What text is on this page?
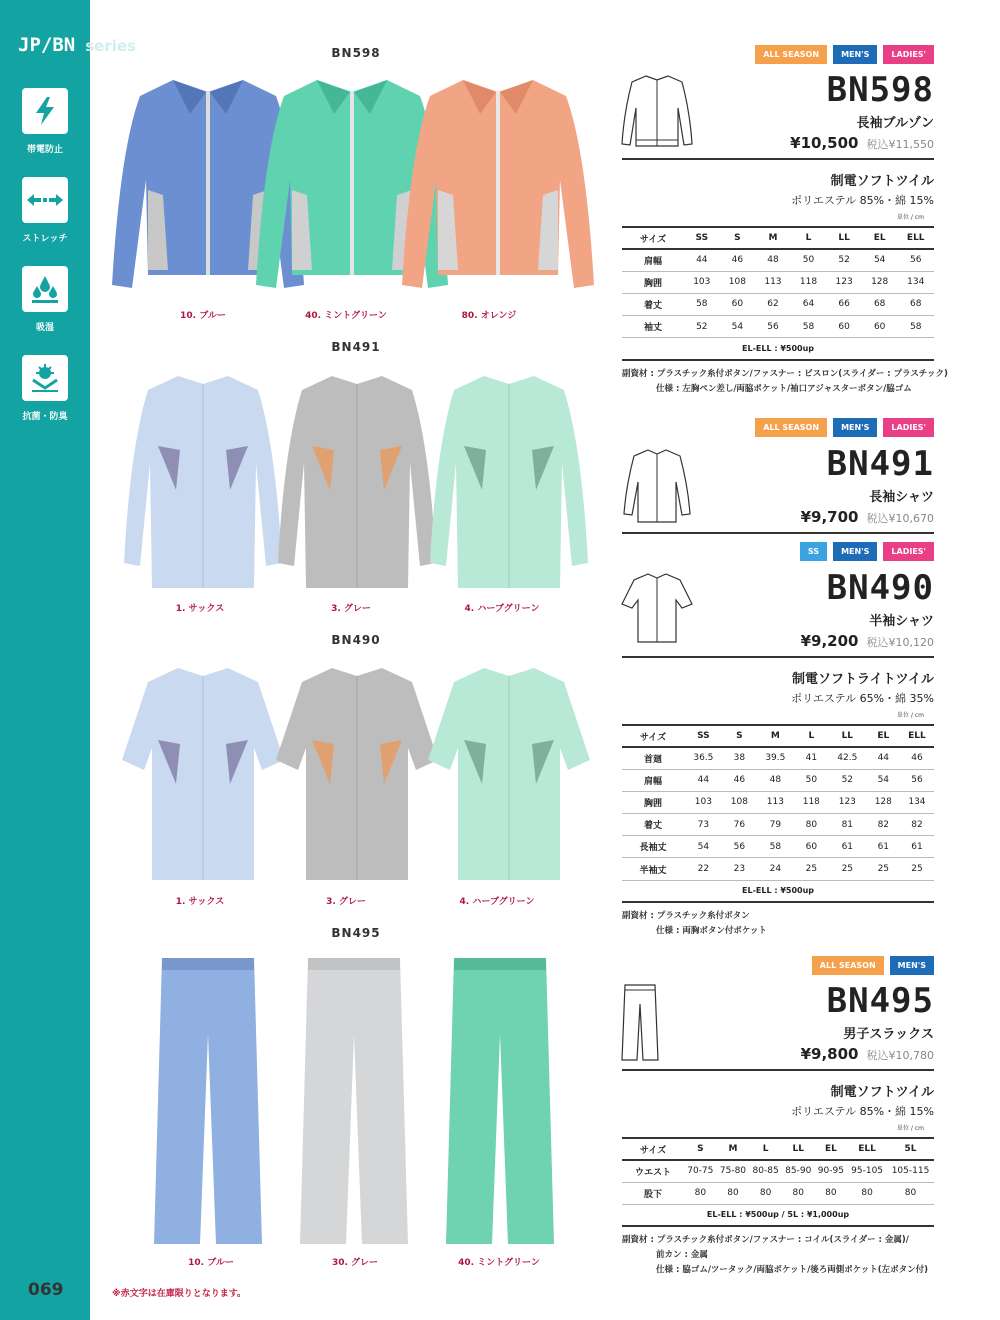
JP/BN series
帯電防止
ストレッチ
吸湿
抗菌・防臭
069	※赤文字は在庫限りとなります。
BN598
BN491
BN490
BN495
10. ブルー	40. ミントグリーン	80. オレンジ
1. サックス	3. グレー	4. ハーブグリーン
1. サックス	3. グレー	4. ハーブグリーン
10. ブルー	30. グレー	40. ミントグリーン
ALL SEASON	MEN'S	LADIES'
BN598
長袖ブルゾン
¥10,500 税込¥11,550
制電ソフトツイル
ポリエステル 85%・綿 15%
単位 / cm
サイズ	SS	S	M	L	LL	EL	ELL
肩幅	44	46	48	50	52	54	56
胸囲	103	108	113	118	123	128	134
着丈	58	60	62	64	66	68	68
袖丈	52	54	56	58	60	60	58
EL-ELL : ¥500up
副資材 : プラスチック糸付ボタン/ファスナー : ビスロン(スライダー : プラスチック)
仕様 : 左胸ペン差し/両脇ポケット/袖口アジャスターボタン/脇ゴム
ALL SEASON	MEN'S	LADIES'
BN491
長袖シャツ
¥9,700 税込¥10,670
SS	MEN'S	LADIES'
BN490
半袖シャツ
¥9,200 税込¥10,120
制電ソフトライトツイル
ポリエステル 65%・綿 35%
単位 / cm
サイズ	SS	S	M	L	LL	EL	ELL
首廻	36.5	38	39.5	41	42.5	44	46
肩幅	44	46	48	50	52	54	56
胸囲	103	108	113	118	123	128	134
着丈	73	76	79	80	81	82	82
長袖丈	54	56	58	60	61	61	61
半袖丈	22	23	24	25	25	25	25
EL-ELL : ¥500up
副資材 : プラスチック糸付ボタン
仕様 : 両胸ボタン付ポケット
ALL SEASON	MEN'S
BN495
男子スラックス
¥9,800 税込¥10,780
制電ソフトツイル
ポリエステル 85%・綿 15%
単位 / cm
サイズ	S	M	L	LL	EL	ELL	5L
ウエスト	70-75	75-80	80-85	85-90	90-95	95-105	105-115
股下	80	80	80	80	80	80	80
EL-ELL : ¥500up / 5L : ¥1,000up
副資材 : プラスチック糸付ボタン/ファスナー : コイル(スライダー : 金属)/
前カン : 金属
仕様 : 脇ゴム/ツータック/両脇ポケット/後ろ両側ポケット(左ボタン付)
